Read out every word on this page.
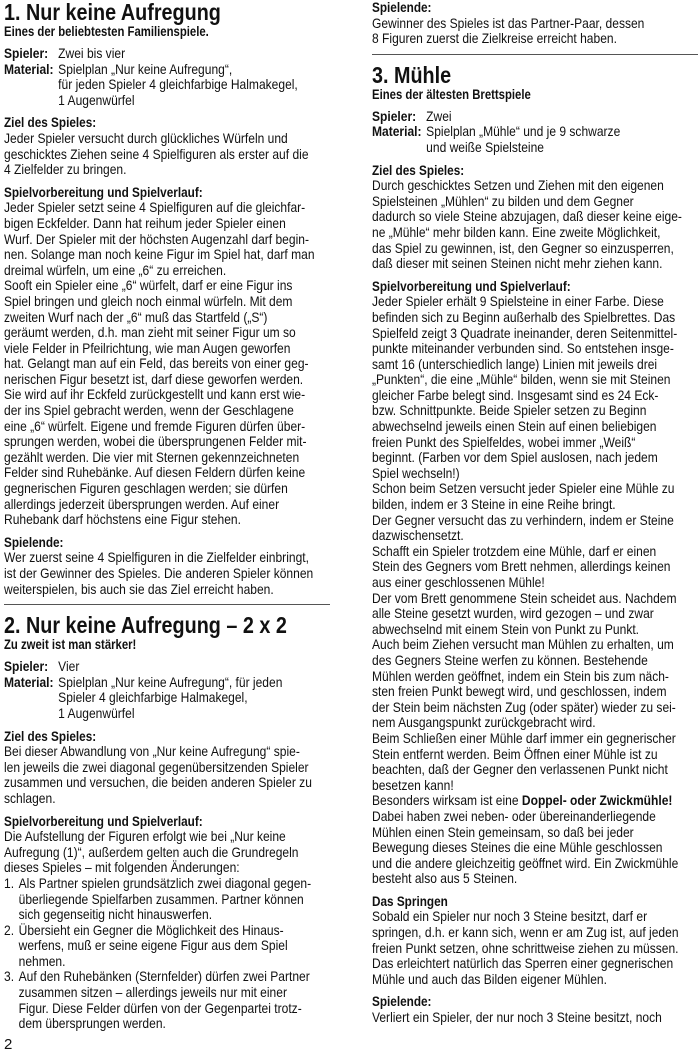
1. Nur keine Aufregung
Eines der beliebtesten Familienspiele.
Spieler: Zwei bis vier
Material: Spielplan „Nur keine Aufregung“,
für jeden Spieler 4 gleichfarbige Halmakegel,
1 Augenwürfel
Ziel des Spieles:
Jeder Spieler versucht durch glückliches Würfeln und
geschicktes Ziehen seine 4 Spielfiguren als erster auf die
4 Zielfelder zu bringen.
Spielvorbereitung und Spielverlauf:
Jeder Spieler setzt seine 4 Spielfiguren auf die gleichfar-
bigen Eckfelder. Dann hat reihum jeder Spieler einen
Wurf. Der Spieler mit der höchsten Augenzahl darf begin-
nen. Solange man noch keine Figur im Spiel hat, darf man
dreimal würfeln, um eine „6“ zu erreichen.
Sooft ein Spieler eine „6“ würfelt, darf er eine Figur ins
Spiel bringen und gleich noch einmal würfeln. Mit dem
zweiten Wurf nach der „6“ muß das Startfeld („S“)
geräumt werden, d.h. man zieht mit seiner Figur um so
viele Felder in Pfeilrichtung, wie man Augen geworfen
hat. Gelangt man auf ein Feld, das bereits von einer geg-
nerischen Figur besetzt ist, darf diese geworfen werden.
Sie wird auf ihr Eckfeld zurückgestellt und kann erst wie-
der ins Spiel gebracht werden, wenn der Geschlagene
eine „6“ würfelt. Eigene und fremde Figuren dürfen über-
sprungen werden, wobei die übersprungenen Felder mit-
gezählt werden. Die vier mit Sternen gekennzeichneten
Felder sind Ruhebänke. Auf diesen Feldern dürfen keine
gegnerischen Figuren geschlagen werden; sie dürfen
allerdings jederzeit übersprungen werden. Auf einer
Ruhebank darf höchstens eine Figur stehen.
Spielende:
Wer zuerst seine 4 Spielfiguren in die Zielfelder einbringt,
ist der Gewinner des Spieles. Die anderen Spieler können
weiterspielen, bis auch sie das Ziel erreicht haben.
2. Nur keine Aufregung – 2 x 2
Zu zweit ist man stärker!
Spieler: Vier
Material: Spielplan „Nur keine Aufregung“, für jeden
Spieler 4 gleichfarbige Halmakegel,
1 Augenwürfel
Ziel des Spieles:
Bei dieser Abwandlung von „Nur keine Aufregung“ spie-
len jeweils die zwei diagonal gegenübersitzenden Spieler
zusammen und versuchen, die beiden anderen Spieler zu
schlagen.
Spielvorbereitung und Spielverlauf:
Die Aufstellung der Figuren erfolgt wie bei „Nur keine
Aufregung (1)“, außerdem gelten auch die Grundregeln
dieses Spieles – mit folgenden Änderungen:
1. Als Partner spielen grundsätzlich zwei diagonal gegen-
überliegende Spielfarben zusammen. Partner können
sich gegenseitig nicht hinauswerfen.
2. Übersieht ein Gegner die Möglichkeit des Hinaus-
werfens, muß er seine eigene Figur aus dem Spiel
nehmen.
3. Auf den Ruhebänken (Sternfelder) dürfen zwei Partner
zusammen sitzen – allerdings jeweils nur mit einer
Figur. Diese Felder dürfen von der Gegenpartei trotz-
dem übersprungen werden.
Spielende:
Gewinner des Spieles ist das Partner-Paar, dessen
8 Figuren zuerst die Zielkreise erreicht haben.
3. Mühle
Eines der ältesten Brettspiele
Spieler: Zwei
Material: Spielplan „Mühle“ und je 9 schwarze
und weiße Spielsteine
Ziel des Spieles:
Durch geschicktes Setzen und Ziehen mit den eigenen
Spielsteinen „Mühlen“ zu bilden und dem Gegner
dadurch so viele Steine abzujagen, daß dieser keine eige-
ne „Mühle“ mehr bilden kann. Eine zweite Möglichkeit,
das Spiel zu gewinnen, ist, den Gegner so einzusperren,
daß dieser mit seinen Steinen nicht mehr ziehen kann.
Spielvorbereitung und Spielverlauf:
Jeder Spieler erhält 9 Spielsteine in einer Farbe. Diese
befinden sich zu Beginn außerhalb des Spielbrettes. Das
Spielfeld zeigt 3 Quadrate ineinander, deren Seitenmittel-
punkte miteinander verbunden sind. So entstehen insge-
samt 16 (unterschiedlich lange) Linien mit jeweils drei
„Punkten“, die eine „Mühle“ bilden, wenn sie mit Steinen
gleicher Farbe belegt sind. Insgesamt sind es 24 Eck-
bzw. Schnittpunkte. Beide Spieler setzen zu Beginn
abwechselnd jeweils einen Stein auf einen beliebigen
freien Punkt des Spielfeldes, wobei immer „Weiß“
beginnt. (Farben vor dem Spiel auslosen, nach jedem
Spiel wechseln!)
Schon beim Setzen versucht jeder Spieler eine Mühle zu
bilden, indem er 3 Steine in eine Reihe bringt.
Der Gegner versucht das zu verhindern, indem er Steine
dazwischensetzt.
Schafft ein Spieler trotzdem eine Mühle, darf er einen
Stein des Gegners vom Brett nehmen, allerdings keinen
aus einer geschlossenen Mühle!
Der vom Brett genommene Stein scheidet aus. Nachdem
alle Steine gesetzt wurden, wird gezogen – und zwar
abwechselnd mit einem Stein von Punkt zu Punkt.
Auch beim Ziehen versucht man Mühlen zu erhalten, um
des Gegners Steine werfen zu können. Bestehende
Mühlen werden geöffnet, indem ein Stein bis zum näch-
sten freien Punkt bewegt wird, und geschlossen, indem
der Stein beim nächsten Zug (oder später) wieder zu sei-
nem Ausgangspunkt zurückgebracht wird.
Beim Schließen einer Mühle darf immer ein gegnerischer
Stein entfernt werden. Beim Öffnen einer Mühle ist zu
beachten, daß der Gegner den verlassenen Punkt nicht
besetzen kann!
Besonders wirksam ist eine Doppel- oder Zwickmühle!
Dabei haben zwei neben- oder übereinanderliegende
Mühlen einen Stein gemeinsam, so daß bei jeder
Bewegung dieses Steines die eine Mühle geschlossen
und die andere gleichzeitig geöffnet wird. Ein Zwickmühle
besteht also aus 5 Steinen.
Das Springen
Sobald ein Spieler nur noch 3 Steine besitzt, darf er
springen, d.h. er kann sich, wenn er am Zug ist, auf jeden
freien Punkt setzen, ohne schrittweise ziehen zu müssen.
Das erleichtert natürlich das Sperren einer gegnerischen
Mühle und auch das Bilden eigener Mühlen.
Spielende:
Verliert ein Spieler, der nur noch 3 Steine besitzt, noch
2
